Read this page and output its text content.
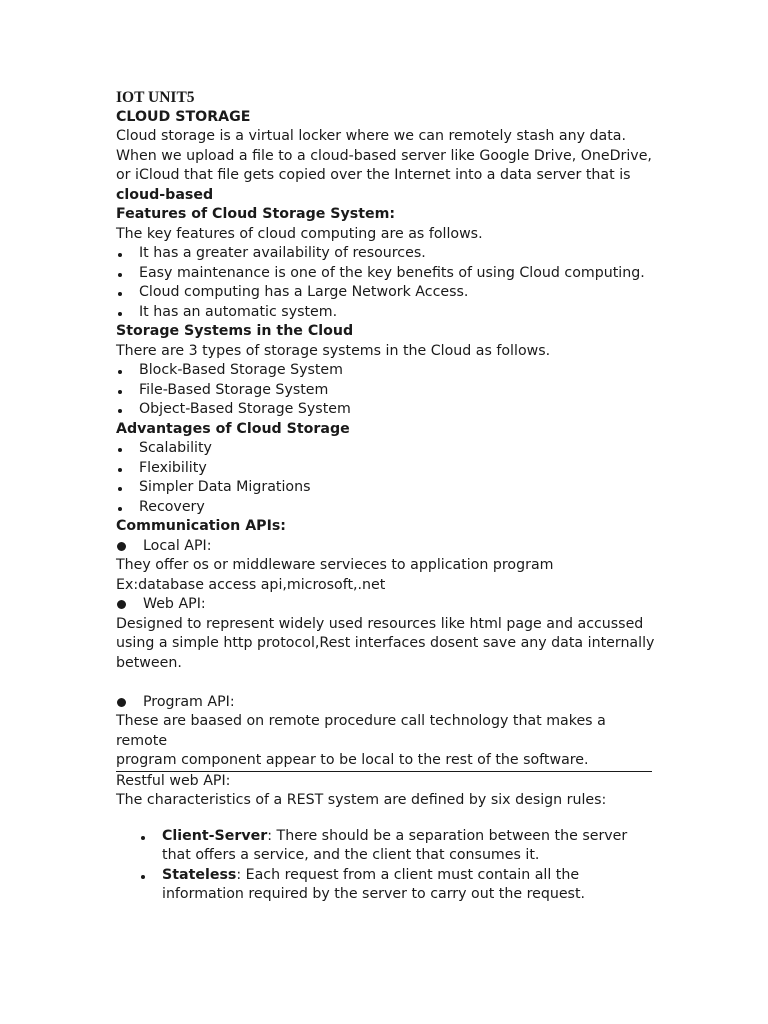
IOT UNIT5

CLOUD STORAGE

Cloud storage is a virtual locker where we can remotely stash any data. When we upload a file to a cloud-based server like Google Drive, OneDrive, or iCloud that file gets copied over the Internet into a data server that is cloud-based

Features of Cloud Storage System:

The key features of cloud computing are as follows.

It has a greater availability of resources.
Easy maintenance is one of the key benefits of using Cloud computing.
Cloud computing has a Large Network Access.
It has an automatic system.

Storage Systems in the Cloud

There are 3 types of storage systems in the Cloud as follows.

Block-Based Storage System
File-Based Storage System
Object-Based Storage System

Advantages of Cloud Storage

Scalability
Flexibility
Simpler Data Migrations
Recovery

Communication APIs:

Local API:

They offer os or middleware servieces to application program

Ex:database access api,microsoft,.net

Web API:

Designed to represent widely used resources like html page and accussed using a simple http protocol,Rest interfaces dosent save any data internally between.

Program API:

These are baased on remote procedure call technology that makes a remote

program component appear to be local to the rest of the software.

Restful web API:

The characteristics of a REST system are defined by six design rules:

Client-Server: There should be a separation between the server that offers a service, and the client that consumes it.
Stateless: Each request from a client must contain all the information required by the server to carry out the request.
